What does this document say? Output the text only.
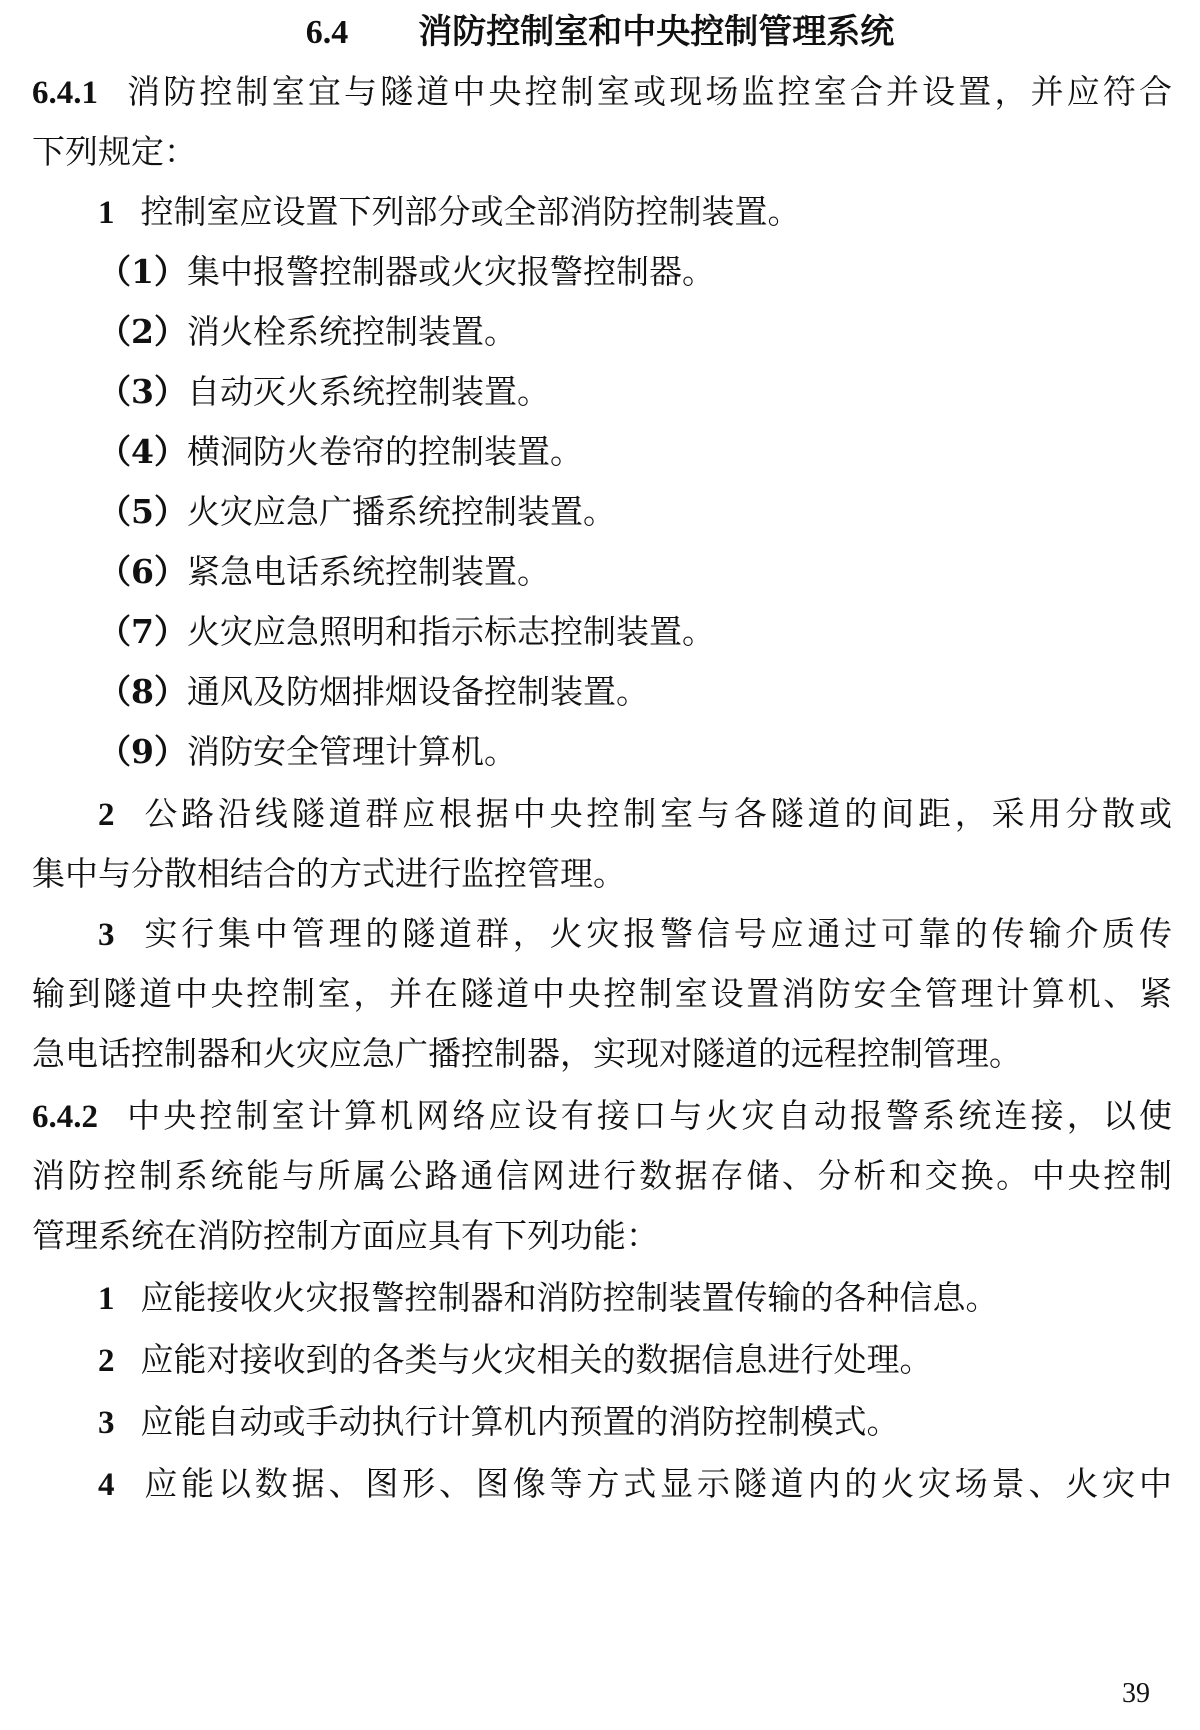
6.4 消防控制室和中央控制管理系统
6.4.1 消防控制室宜与隧道中央控制室或现场监控室合并设置，并应符合
下列规定：
1 控制室应设置下列部分或全部消防控制装置。
（1）集中报警控制器或火灾报警控制器。
（2）消火栓系统控制装置。
（3）自动灭火系统控制装置。
（4）横洞防火卷帘的控制装置。
（5）火灾应急广播系统控制装置。
（6）紧急电话系统控制装置。
（7）火灾应急照明和指示标志控制装置。
（8）通风及防烟排烟设备控制装置。
（9）消防安全管理计算机。
2 公路沿线隧道群应根据中央控制室与各隧道的间距，采用分散或
集中与分散相结合的方式进行监控管理。
3 实行集中管理的隧道群，火灾报警信号应通过可靠的传输介质传
输到隧道中央控制室，并在隧道中央控制室设置消防安全管理计算机、紧
急电话控制器和火灾应急广播控制器，实现对隧道的远程控制管理。
6.4.2 中央控制室计算机网络应设有接口与火灾自动报警系统连接，以使
消防控制系统能与所属公路通信网进行数据存储、分析和交换。中央控制
管理系统在消防控制方面应具有下列功能：
1 应能接收火灾报警控制器和消防控制装置传输的各种信息。
2 应能对接收到的各类与火灾相关的数据信息进行处理。
3 应能自动或手动执行计算机内预置的消防控制模式。
4 应能以数据、图形、图像等方式显示隧道内的火灾场景、火灾中
39
